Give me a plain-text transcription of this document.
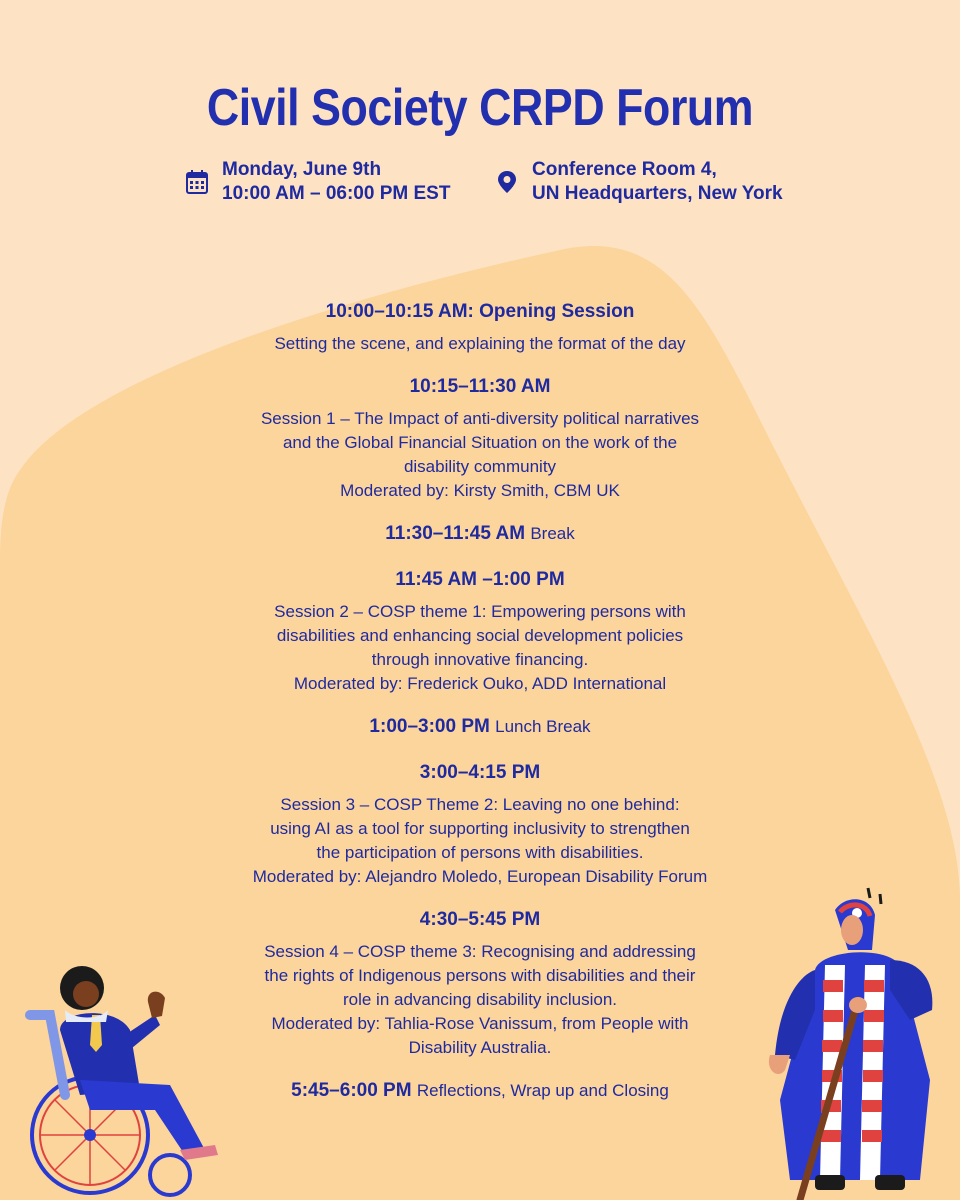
Civil Society CRPD Forum
Monday, June 9th
10:00 AM – 06:00 PM EST
Conference Room 4,
UN Headquarters, New York
10:00–10:15 AM: Opening Session
Setting the scene, and explaining the format of the day
10:15–11:30 AM
Session 1 – The Impact of anti-diversity political narratives
and the Global Financial Situation on the work of the
disability community
Moderated by: Kirsty Smith, CBM UK
11:30–11:45 AM Break
11:45 AM –1:00 PM
Session 2 – COSP theme 1: Empowering persons with
disabilities and enhancing social development policies
through innovative financing.
Moderated by: Frederick Ouko, ADD International
1:00–3:00 PM Lunch Break
3:00–4:15 PM
Session 3 – COSP Theme 2: Leaving no one behind:
using AI as a tool for supporting inclusivity to strengthen
the participation of persons with disabilities.
Moderated by: Alejandro Moledo, European Disability Forum
4:30–5:45 PM
Session 4 – COSP theme 3: Recognising and addressing
the rights of Indigenous persons with disabilities and their
role in advancing disability inclusion.
Moderated by: Tahlia-Rose Vanissum, from People with
Disability Australia.
5:45–6:00 PM Reflections, Wrap up and Closing
